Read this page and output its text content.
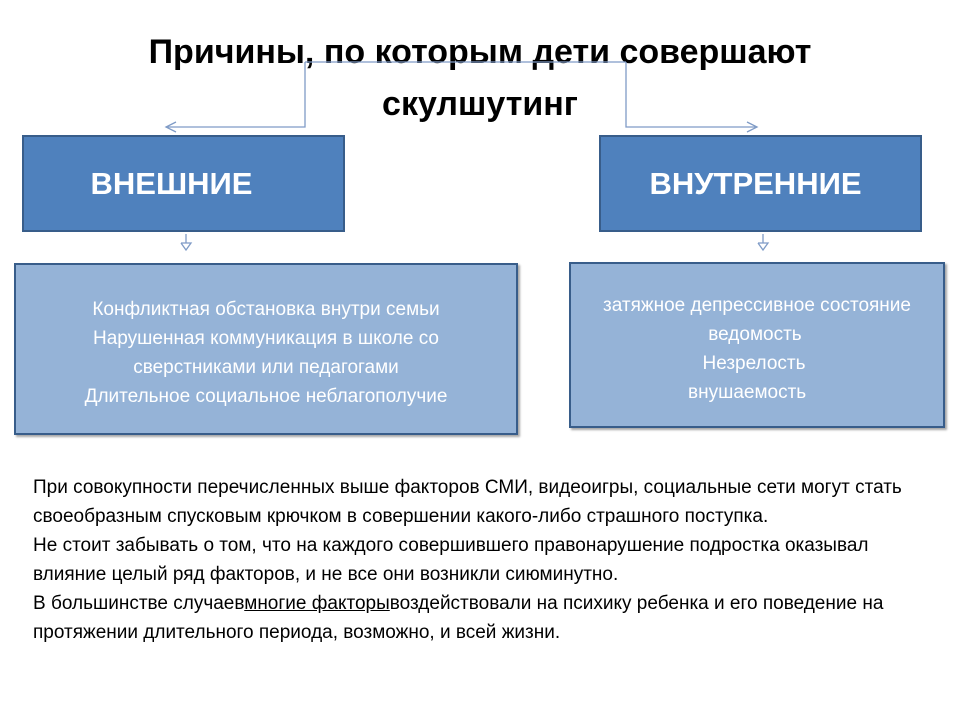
Причины, по которым дети совершают скулшутинг
ВНЕШНИЕ	ВНУТРЕННИЕ
Конфликтная обстановка внутри семьи
Нарушенная коммуникация в школе со
сверстниками или педагогами
Длительное социальное неблагополучие
затяжное депрессивное состояние
ведомость
Незрелость
внушаемость

При совокупности перечисленных выше факторов СМИ, видеоигры, социальные сети могут стать своеобразным спусковым крючком в совершении какого-либо страшного поступка.

Не стоит забывать о том, что на каждого совершившего правонарушение подростка оказывал влияние целый ряд факторов, и не все они возникли сиюминутно.

В большинстве случаевмногие факторывоздействовали на психику ребенка и его поведение на протяжении длительного периода, возможно, и всей жизни.
